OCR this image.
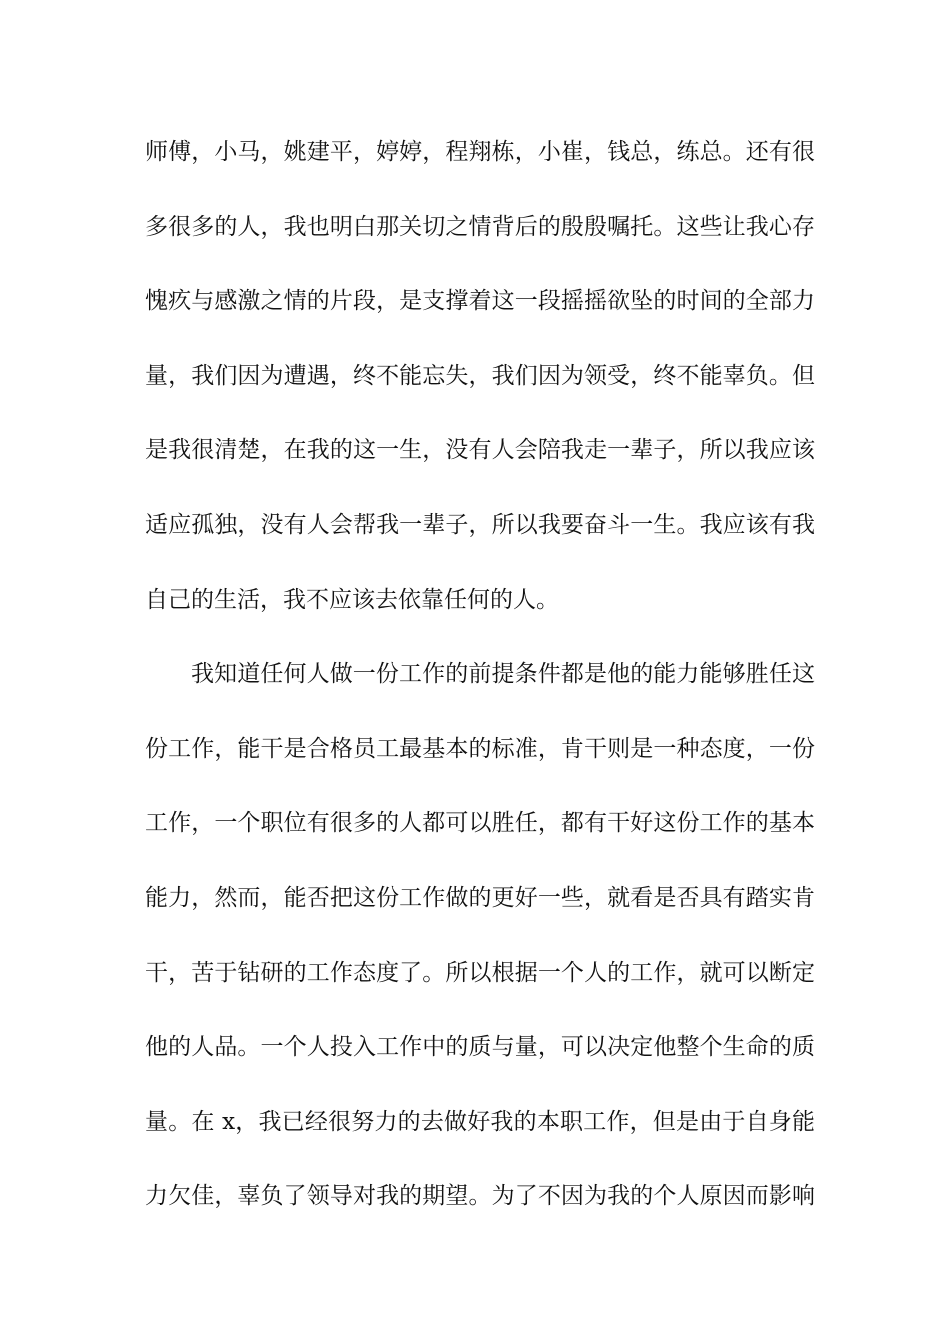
师傅，小马，姚建平，婷婷，程翔栋，小崔，钱总，练总。还有很
多很多的人，我也明白那关切之情背后的殷殷嘱托。这些让我心存
愧疚与感激之情的片段，是支撑着这一段摇摇欲坠的时间的全部力
量，我们因为遭遇，终不能忘失，我们因为领受，终不能辜负。但
是我很清楚，在我的这一生，没有人会陪我走一辈子，所以我应该
适应孤独，没有人会帮我一辈子，所以我要奋斗一生。我应该有我
自己的生活，我不应该去依靠任何的人。
我知道任何人做一份工作的前提条件都是他的能力能够胜任这
份工作，能干是合格员工最基本的标准，肯干则是一种态度，一份
工作，一个职位有很多的人都可以胜任，都有干好这份工作的基本
能力，然而，能否把这份工作做的更好一些，就看是否具有踏实肯
干，苦于钻研的工作态度了。所以根据一个人的工作，就可以断定
他的人品。一个人投入工作中的质与量，可以决定他整个生命的质
量。在 x，我已经很努力的去做好我的本职工作，但是由于自身能
力欠佳，辜负了领导对我的期望。为了不因为我的个人原因而影响
